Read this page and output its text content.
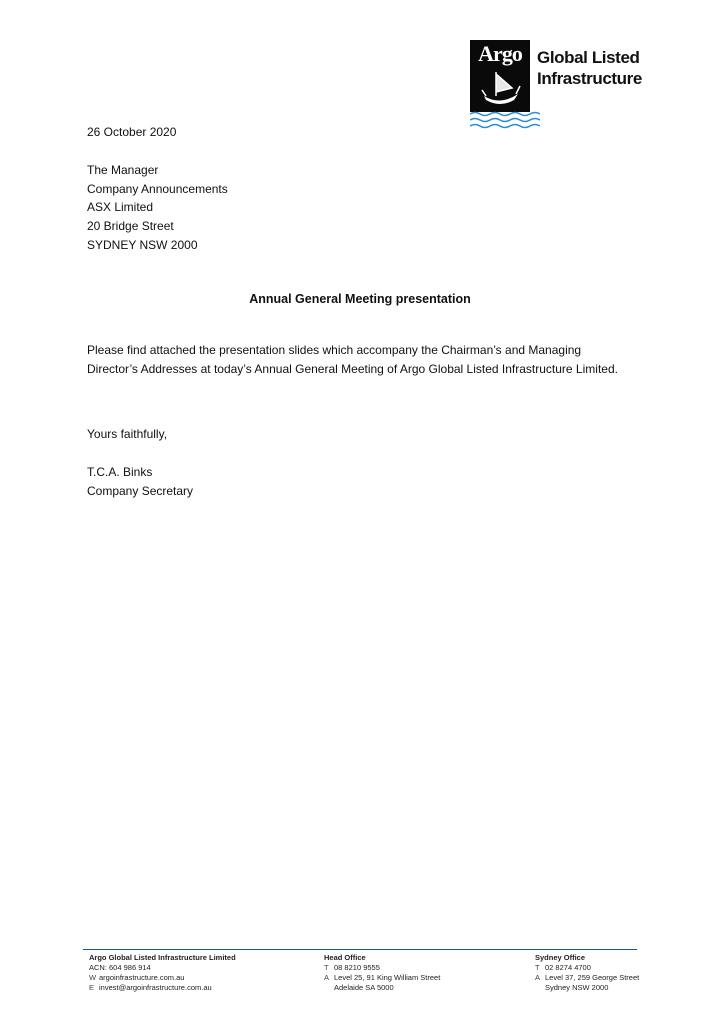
Argo Global Listed
Infrastructure
26 October 2020
The Manager
Company Announcements
ASX Limited
20 Bridge Street
SYDNEY NSW 2000
Annual General Meeting presentation
Please find attached the presentation slides which accompany the Chairman’s and Managing
Director’s Addresses at today’s Annual General Meeting of Argo Global Listed Infrastructure Limited.
Yours faithfully,
T.C.A. Binks
Company Secretary
Argo Global Listed Infrastructure Limited
ACN: 604 986 914
W argoinfrastructure.com.au
E invest@argoinfrastructure.com.au
Head Office
T 08 8210 9555
A Level 25, 91 King William Street
Adelaide SA 5000
Sydney Office
T 02 8274 4700
A Level 37, 259 George Street
Sydney NSW 2000
